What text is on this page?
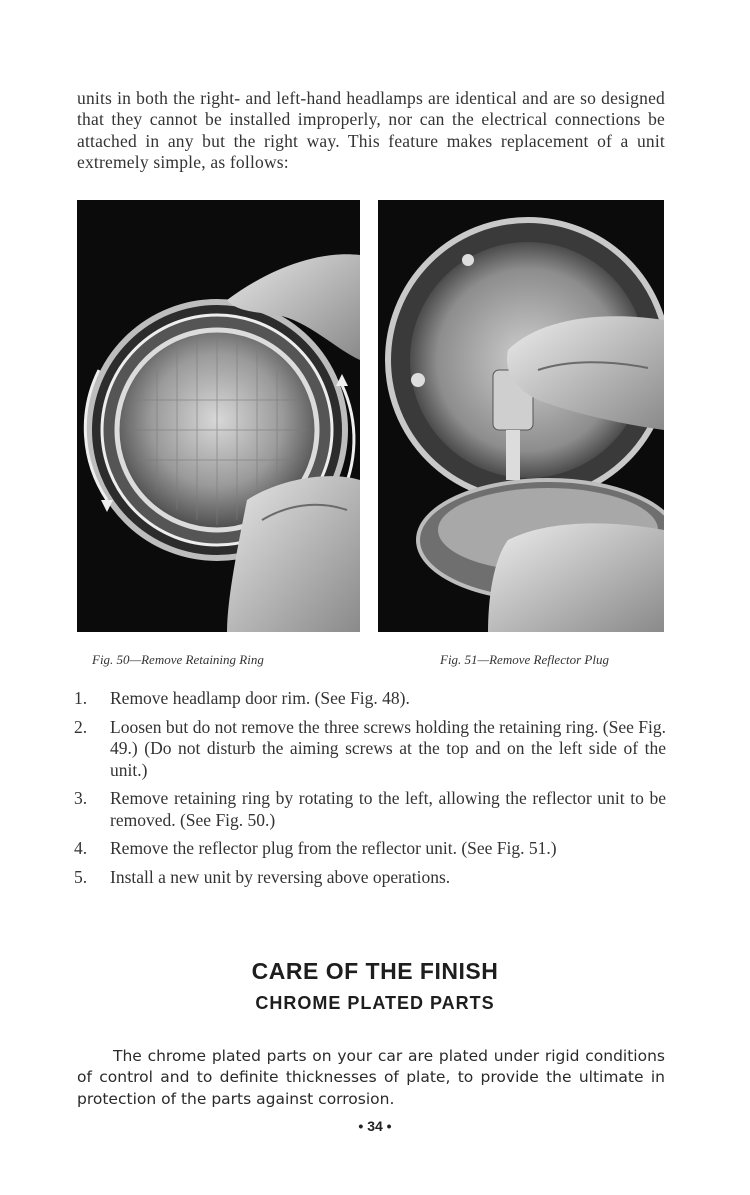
units in both the right- and left-hand headlamps are identical and are so designed that they cannot be installed improperly, nor can the electrical connections be attached in any but the right way. This feature makes replacement of a unit extremely simple, as follows:

Fig. 50—Remove Retaining Ring	Fig. 51—Remove Reflector Plug
1. Remove headlamp door rim. (See Fig. 48).
2. Loosen but do not remove the three screws holding the retaining ring. (See Fig. 49.) (Do not disturb the aiming screws at the top and on the left side of the unit.)
3. Remove retaining ring by rotating to the left, allowing the reflector unit to be removed. (See Fig. 50.)
4. Remove the reflector plug from the reflector unit. (See Fig. 51.)
5. Install a new unit by reversing above operations.
CARE OF THE FINISH
CHROME PLATED PARTS

The chrome plated parts on your car are plated under rigid conditions of control and to definite thicknesses of plate, to provide the ultimate in protection of the parts against corrosion.

• 34 •
